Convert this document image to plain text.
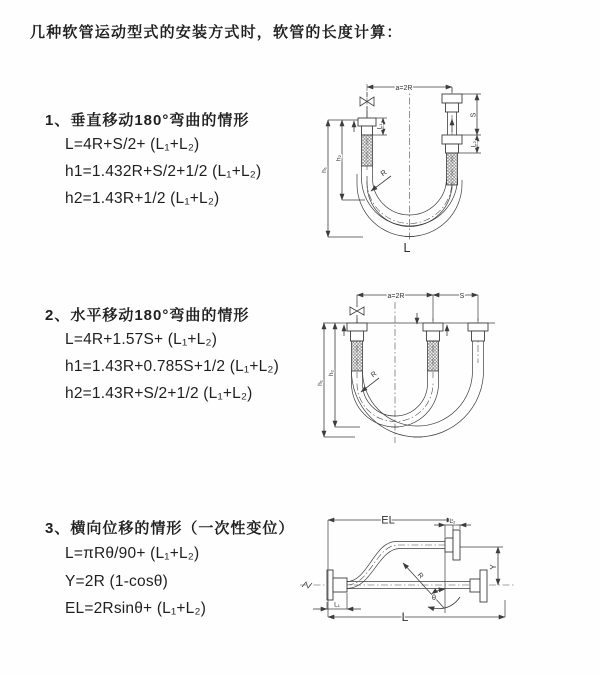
几种软管运动型式的安装方式时，软管的长度计算：
1、垂直移动180°弯曲的情形
L=4R+S/2+ (L₁+L₂)
h1=1.432R+S/2+1/2 (L₁+L₂)
h2=1.43R+1/2 (L₁+L₂)
2、水平移动180°弯曲的情形
L=4R+1.57S+ (L₁+L₂)
h1=1.43R+0.785S+1/2 (L₁+L₂)
h2=1.43R+S/2+1/2 (L₁+L₂)
3、横向位移的情形（一次性变位）
L=πRθ/90+ (L₁+L₂)
Y=2R (1-cosθ)
EL=2Rsinθ+ (L₁+L₂)
a=2R
L₁
S
L₂
h₁
h₂
R
L
a=2R	S
h₁
h₂	R
R
θ
EL	L₂
Y
L₁
L
